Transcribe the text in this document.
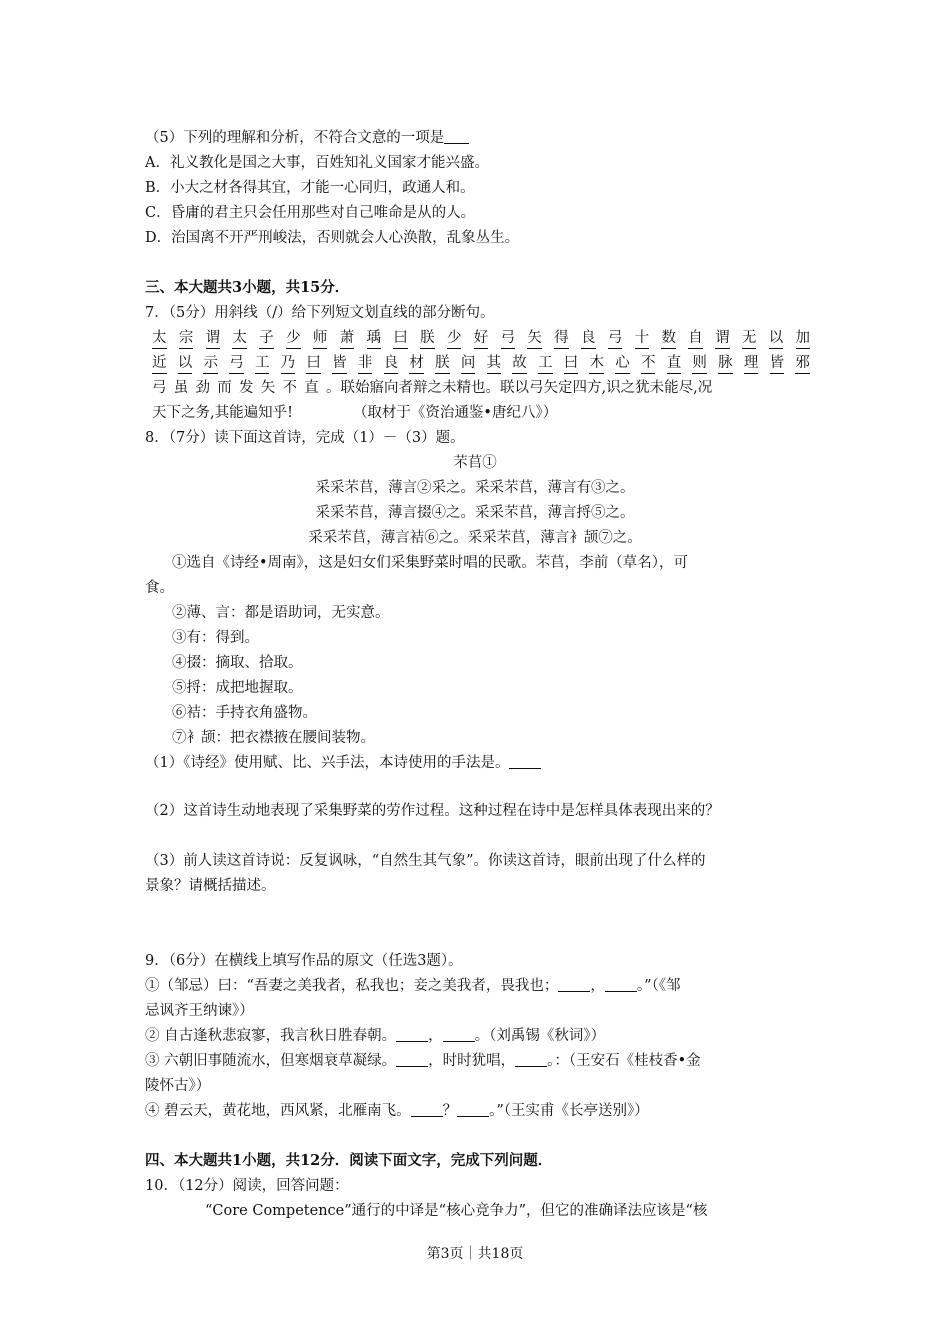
（5）下列的理解和分析，不符合文意的一项是
A．礼义教化是国之大事，百姓知礼义国家才能兴盛。
B．小大之材各得其宜，才能一心同归，政通人和。
C．昏庸的君主只会任用那些对自己唯命是从的人。
D．治国离不开严刑峻法，否则就会人心涣散，乱象丛生。
三、本大题共3小题，共15分．
7．（5分）用斜线（/）给下列短文划直线的部分断句。
太 宗 谓 太 子 少 师 萧 瑀 曰 朕 少 好 弓 矢 得 良 弓 十 数 自 谓 无 以 加
近 以 示 弓 工 乃 曰 皆 非 良 材 朕 问 其 故 工 曰 木 心 不 直 则 脉 理 皆 邪
弓 虽 劲 而 发 矢 不 直 。联始寤向者辩之未精也。联以弓矢定四方,识之犹未能尽,况
天下之务,其能遍知乎!	（取材于《资治通鉴•唐纪八》）
8．（7分）读下面这首诗，完成（1）－（3）题。
芣苢①
采采芣苢，薄言②采之。采采芣苢，薄言有③之。
采采芣苢，薄言掇④之。采采芣苢，薄言捋⑤之。
采采芣苢，薄言袺⑥之。采采芣苢，薄言衤颉⑦之。
①选自《诗经•周南》，这是妇女们采集野菜时唱的民歌。芣苢，李前（草名），可
食。
②薄、言：都是语助词，无实意。
③有：得到。
④掇：摘取、拾取。
⑤捋：成把地握取。
⑥袺：手持衣角盛物。
⑦衤颉：把衣襟掖在腰间装物。
（1）《诗经》使用赋、比、兴手法，本诗使用的手法是。
（2）这首诗生动地表现了采集野菜的劳作过程。这种过程在诗中是怎样具体表现出来的？
（3）前人读这首诗说：反复讽咏，“自然生其气象”。你读这首诗，眼前出现了什么样的
景象？请概括描述。
9．（6分）在横线上填写作品的原文（任选3题）。
①（邹忌）曰：“吾妻之美我者，私我也；妾之美我者，畏我也； ， 。”（《邹
忌讽齐王纳谏》）
② 自古逢秋悲寂寥，我言秋日胜春朝。 ， 。（刘禹锡《秋词》）
③ 六朝旧事随流水，但寒烟衰草凝绿。 ，时时犹唱， 。：（王安石《桂枝香•金
陵怀古》）
④ 碧云天，黄花地，西风紧，北雁南飞。 ？ 。”（王实甫《长亭送别》）
四、本大题共1小题，共12分．阅读下面文字，完成下列问题．
10．（12分）阅读，回答问题：
“Core Competence”通行的中译是“核心竞争力”，但它的准确译法应该是“核
第3页｜共18页
